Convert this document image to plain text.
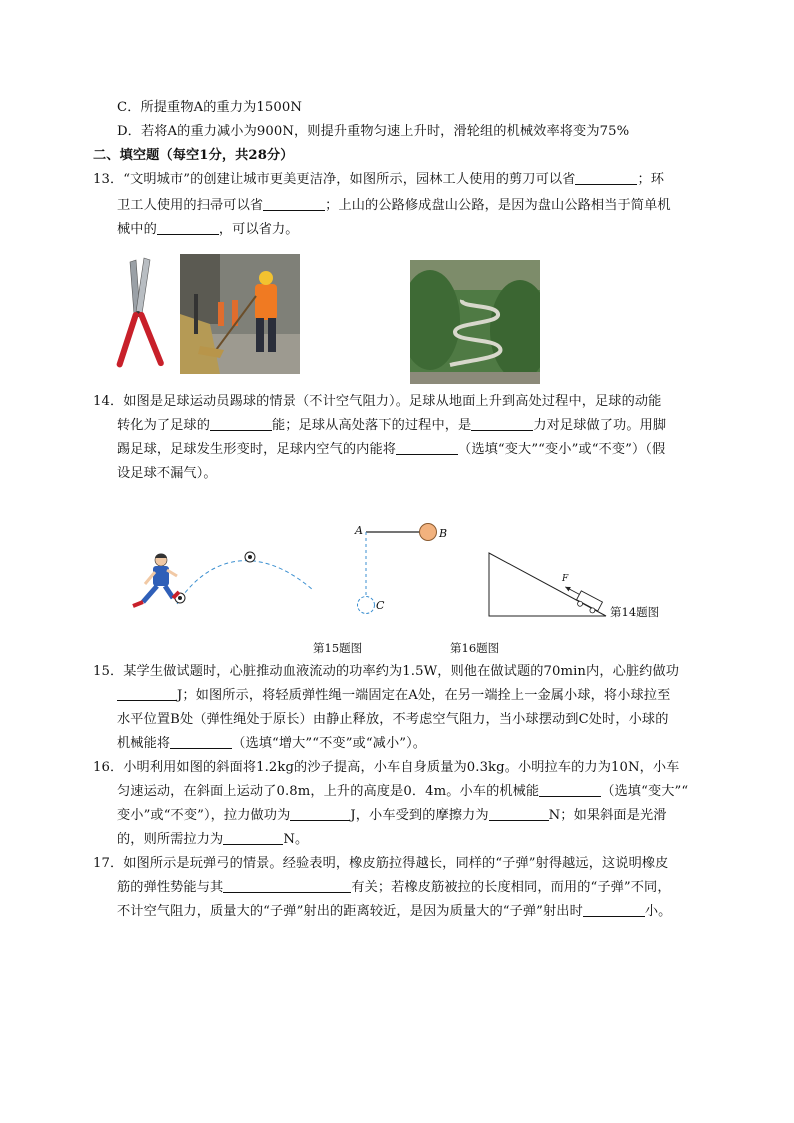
C．所提重物A的重力为1500N
D．若将A的重力减小为900N，则提升重物匀速上升时，滑轮组的机械效率将变为75%
二、填空题（每空1分，共28分）
13．“文明城市”的创建让城市更美更洁净，如图所示，园林工人使用的剪刀可以省	；环
卫工人使用的扫帚可以省	；上山的公路修成盘山公路，是因为盘山公路相当于简单机
械中的	，可以省力。
14．如图是足球运动员踢球的情景（不计空气阻力）。足球从地面上升到高处过程中，足球的动能
转化为了足球的	能；足球从高处落下的过程中，是	力对足球做了功。用脚
踢足球，足球发生形变时，足球内空气的内能将	（选填“变大”“变小”或“不变”）（假
设足球不漏气）。
A	B
C
F
第14题图
第15题图	第16题图
15．某学生做试题时，心脏推动血液流动的功率约为1.5W，则他在做试题的70min内，心脏约做功
J；如图所示，将轻质弹性绳一端固定在A处，在另一端拴上一金属小球，将小球拉至
水平位置B处（弹性绳处于原长）由静止释放，不考虑空气阻力，当小球摆动到C处时，小球的
机械能将	（选填“增大”“不变”或“减小”）。
16．小明利用如图的斜面将1.2kg的沙子提高，小车自身质量为0.3kg。小明拉车的力为10N，小车
匀速运动，在斜面上运动了0.8m，上升的高度是0．4m。小车的机械能	（选填“变大”“
变小”或“不变”），拉力做功为	J，小车受到的摩擦力为	N；如果斜面是光滑
的，则所需拉力为	N。
17．如图所示是玩弹弓的情景。经验表明，橡皮筋拉得越长，同样的“子弹”射得越远，这说明橡皮
筋的弹性势能与其	有关；若橡皮筋被拉的长度相同，而用的“子弹”不同，
不计空气阻力，质量大的“子弹”射出的距离较近，是因为质量大的“子弹”射出时	小。
